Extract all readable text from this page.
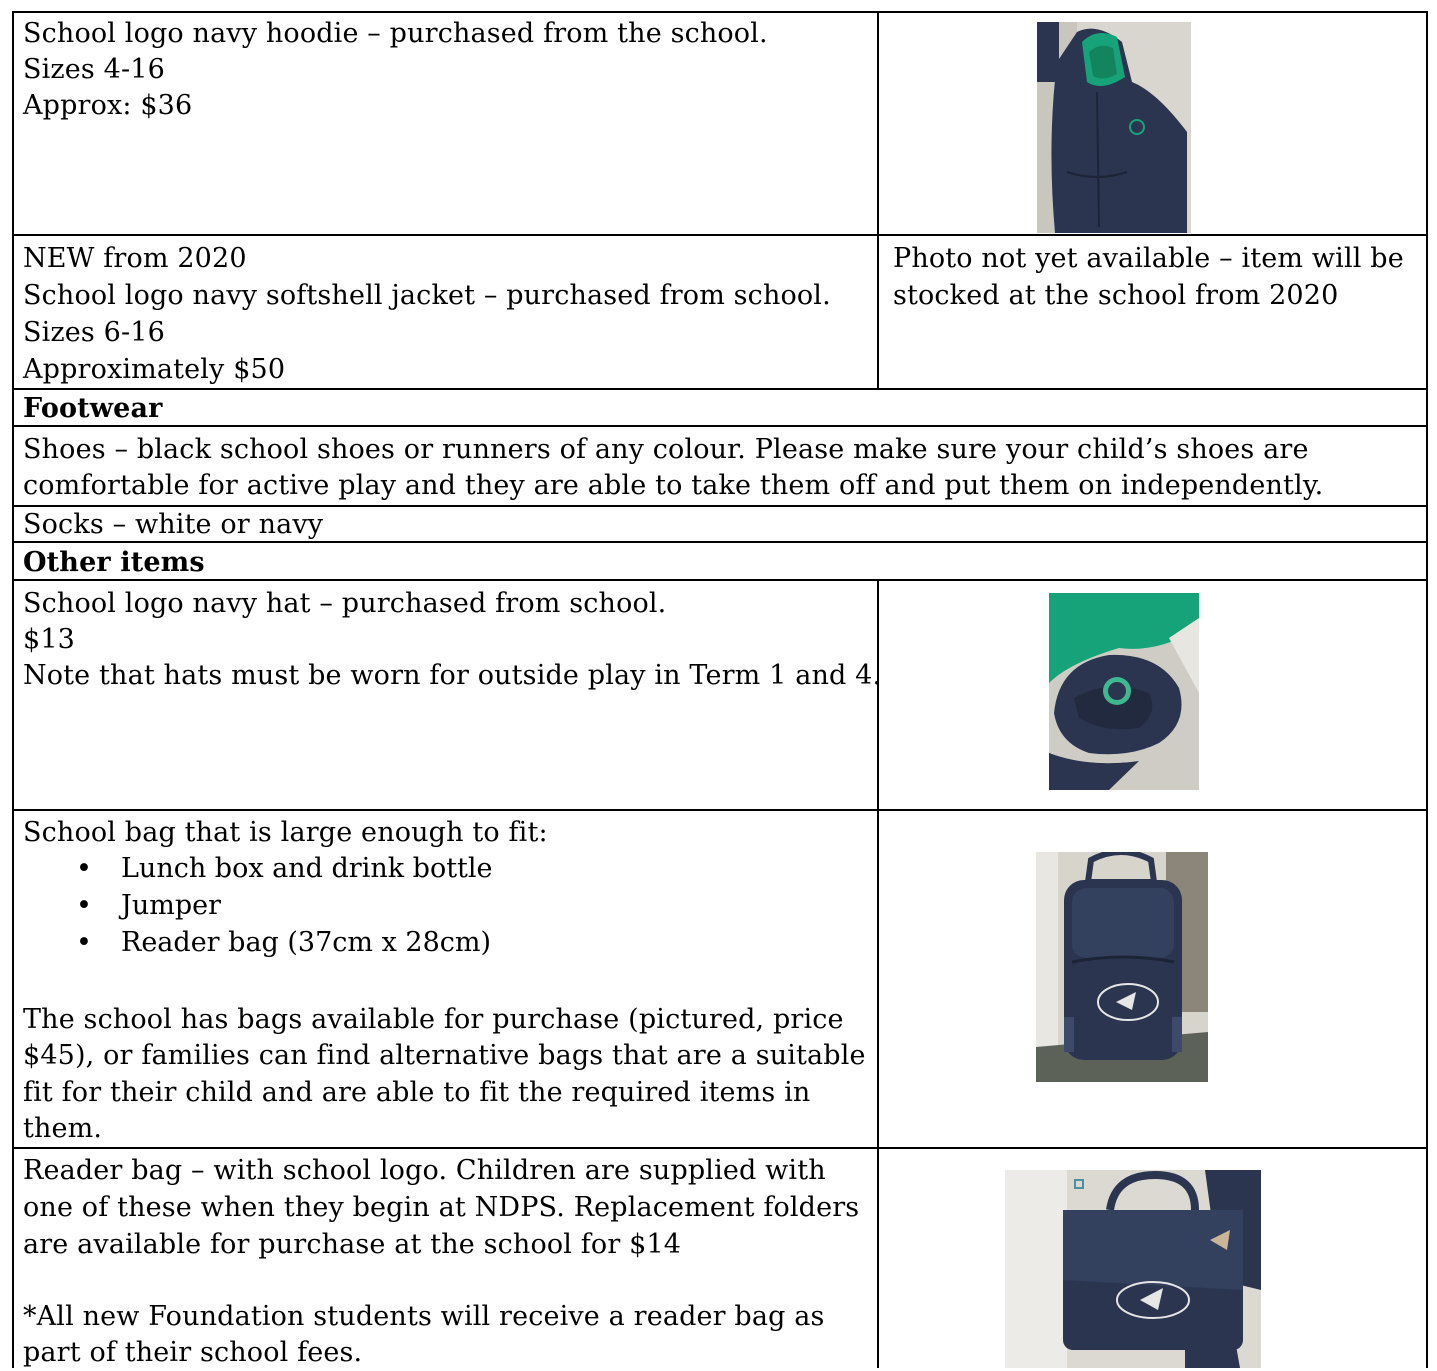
School logo navy hoodie – purchased from the school.
Sizes 4-16
Approx: $36
NEW from 2020
School logo navy softshell jacket – purchased from school.
Sizes 6-16
Approximately $50
Photo not yet available – item will be
stocked at the school from 2020
Footwear
Shoes – black school shoes or runners of any colour. Please make sure your child’s shoes are
comfortable for active play and they are able to take them off and put them on independently.
Socks – white or navy
Other items
School logo navy hat – purchased from school.
$13
Note that hats must be worn for outside play in Term 1 and 4.
School bag that is large enough to fit:
• Lunch box and drink bottle
• Jumper
• Reader bag (37cm x 28cm)
The school has bags available for purchase (pictured, price
$45), or families can find alternative bags that are a suitable
fit for their child and are able to fit the required items in
them.
Reader bag – with school logo. Children are supplied with
one of these when they begin at NDPS. Replacement folders
are available for purchase at the school for $14
*All new Foundation students will receive a reader bag as
part of their school fees.
